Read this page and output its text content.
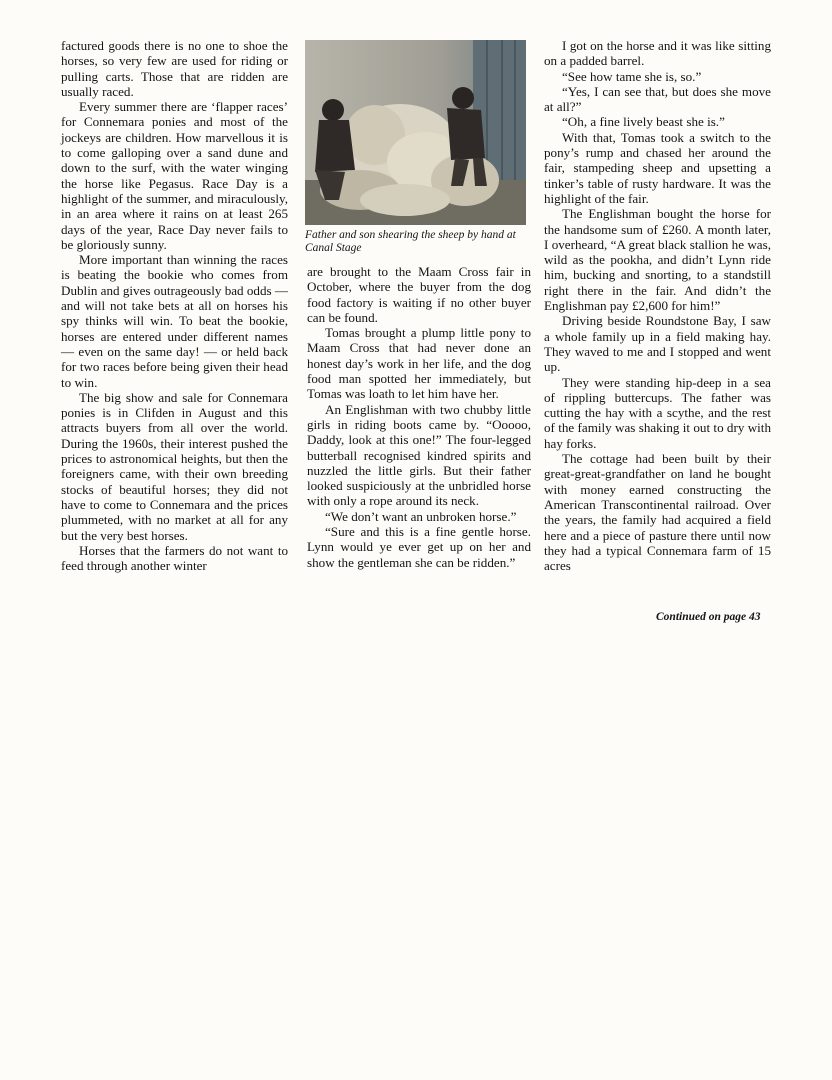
factured goods there is no one to shoe the horses, so very few are used for riding or pulling carts. Those that are ridden are usually raced.

Every summer there are ‘flapper races’ for Connemara ponies and most of the jockeys are children. How marvellous it is to come galloping over a sand dune and down to the surf, with the water winging the horse like Pegasus. Race Day is a highlight of the summer, and miraculously, in an area where it rains on at least 265 days of the year, Race Day never fails to be gloriously sunny.

More important than winning the races is beating the bookie who comes from Dublin and gives outrageously bad odds — and will not take bets at all on horses his spy thinks will win. To beat the bookie, horses are entered under different names — even on the same day! — or held back for two races before being given their head to win.

The big show and sale for Connemara ponies is in Clifden in August and this attracts buyers from all over the world. During the 1960s, their interest pushed the prices to astronomical heights, but then the foreigners came, with their own breeding stocks of beautiful horses; they did not have to come to Connemara and the prices plummeted, with no market at all for any but the very best horses.

Horses that the farmers do not want to feed through another winter

Father and son shearing the sheep by hand at Canal Stage

are brought to the Maam Cross fair in October, where the buyer from the dog food factory is waiting if no other buyer can be found.

Tomas brought a plump little pony to Maam Cross that had never done an honest day’s work in her life, and the dog food man spotted her immediately, but Tomas was loath to let him have her.

An Englishman with two chubby little girls in riding boots came by. “Ooooo, Daddy, look at this one!” The four-legged butterball recognised kindred spirits and nuzzled the little girls. But their father looked suspiciously at the unbridled horse with only a rope around its neck.

“We don’t want an unbroken horse.”

“Sure and this is a fine gentle horse. Lynn would ye ever get up on her and show the gentleman she can be ridden.”

I got on the horse and it was like sitting on a padded barrel.

“See how tame she is, so.”

“Yes, I can see that, but does she move at all?”

“Oh, a fine lively beast she is.”

With that, Tomas took a switch to the pony’s rump and chased her around the fair, stampeding sheep and upsetting a tinker’s table of rusty hardware. It was the highlight of the fair.

The Englishman bought the horse for the handsome sum of £260. A month later, I overheard, “A great black stallion he was, wild as the pookha, and didn’t Lynn ride him, bucking and snorting, to a standstill right there in the fair. And didn’t the Englishman pay £2,600 for him!”

Driving beside Roundstone Bay, I saw a whole family up in a field making hay. They waved to me and I stopped and went up.

They were standing hip-deep in a sea of rippling buttercups. The father was cutting the hay with a scythe, and the rest of the family was shaking it out to dry with hay forks.

The cottage had been built by their great-great-grandfather on land he bought with money earned constructing the American Transcontinental railroad. Over the years, the family had acquired a field here and a piece of pasture there until now they had a typical Connemara farm of 15 acres

Continued on page 43
